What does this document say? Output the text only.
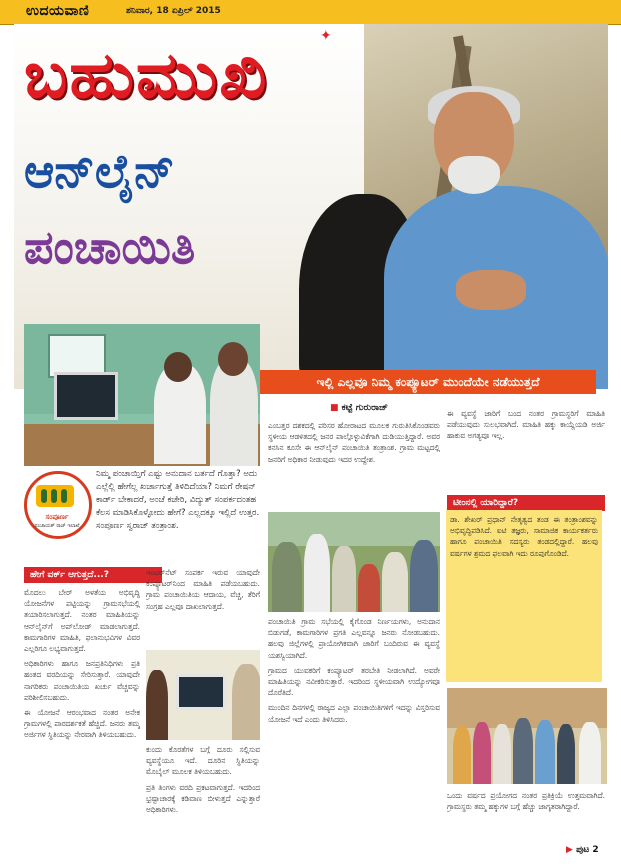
ಉದಯವಾಣಿ	ಶನಿವಾರ, 18 ಏಪ್ರಿಲ್ 2015
✦
ಬಹುಮುಖಿ
ಆನ್‌ಲೈನ್
ಪಂಚಾಯಿತಿ
ಇಲ್ಲಿ ಎಲ್ಲವೂ ನಿಮ್ಮ ಕಂಪ್ಯೂಟರ್ ಮುಂದೆಯೇ ನಡೆಯುತ್ತದೆ
ಸಂಪೂರ್ಣ
ಪಂಚಾಯತ್ ರಾಜ್ ಇಲಾಖೆ
ನಿಮ್ಮ ಪಂಚಾಯ್ತಿಗೆ ಎಷ್ಟು ಅನುದಾನ ಬರ್ತದೆ ಗೊತ್ತಾ? ಅದು ಎಲ್ಲೆಲ್ಲಿ ಹೇಗೆಲ್ಲ ಖರ್ಚಾಗುತ್ತೆ ತಿಳಿದಿದೆಯಾ? ನಿಮಗೆ ರೇಷನ್ ಕಾರ್ಡ್ ಬೇಕಾದರೆ, ಅಂಚೆ ಕಚೇರಿ, ವಿದ್ಯುತ್ ಸಂಪರ್ಕದಂತಹ ಕೆಲಸ ಮಾಡಿಸಿಕೊಳ್ಳೋದು ಹೇಗೆ? ಎಲ್ಲದಕ್ಕೂ ಇಲ್ಲಿದೆ ಉತ್ತರ. ಸಂಪೂರ್ಣ ಸ್ವರಾಜ್ ತಂತ್ರಾಂಶ.
ಹೇಗೆ ವರ್ಕ್ ಆಗುತ್ತದೆ...?

ಮೊದಲು ಬೇರ್‌ ಅಳತೆಯ ಅಭಿವೃದ್ಧಿ ಯೋಜನೆಗಳ ಪಟ್ಟಿಯನ್ನು ಗ್ರಾಮಸಭೆಯಲ್ಲಿ ತಯಾರಿಸಲಾಗುತ್ತದೆ. ನಂತರ ಮಾಹಿತಿಯನ್ನು ಆನ್‌ಲೈನ್‌ಗೆ ಅಪ್‌ಲೋಡ್ ಮಾಡಲಾಗುತ್ತದೆ. ಕಾಮಗಾರಿಗಳ ಮಾಹಿತಿ, ಫಲಾನುಭವಿಗಳ ವಿವರ ಎಲ್ಲರಿಗೂ ಲಭ್ಯವಾಗುತ್ತದೆ.

ಅಧಿಕಾರಿಗಳು ಹಾಗೂ ಜನಪ್ರತಿನಿಧಿಗಳು ಪ್ರತಿ ಹಂತದ ವರದಿಯನ್ನು ಸೇರಿಸುತ್ತಾರೆ. ಯಾವುದೇ ನಾಗರಿಕರು ಪಂಚಾಯಿತಿಯ ಖರ್ಚು ವೆಚ್ಚವನ್ನು ಪರಿಶೀಲಿಸಬಹುದು.

ಈ ಯೋಜನೆ ಆರಂಭವಾದ ನಂತರ ಅನೇಕ ಗ್ರಾಮಗಳಲ್ಲಿ ಪಾರದರ್ಶಕತೆ ಹೆಚ್ಚಿದೆ. ಜನರು ತಮ್ಮ ಅರ್ಜಿಗಳ ಸ್ಥಿತಿಯನ್ನು ನೇರವಾಗಿ ತಿಳಿಯಬಹುದು.

ಇಂಟರ್‌ನೆಟ್ ಸಂಪರ್ಕ ಇರುವ ಯಾವುದೇ ಕಂಪ್ಯೂಟರ್‌ನಿಂದ ಮಾಹಿತಿ ಪಡೆಯಬಹುದು. ಗ್ರಾಮ ಪಂಚಾಯಿತಿಯ ಆದಾಯ, ವೆಚ್ಚ, ತೆರಿಗೆ ಸಂಗ್ರಹ ಎಲ್ಲವೂ ದಾಖಲಾಗುತ್ತದೆ.

ಕುಂದು ಕೊರತೆಗಳ ಬಗ್ಗೆ ದೂರು ಸಲ್ಲಿಸುವ ವ್ಯವಸ್ಥೆಯೂ ಇದೆ. ದೂರಿನ ಸ್ಥಿತಿಯನ್ನು ಮೊಬೈಲ್ ಮೂಲಕ ತಿಳಿಯಬಹುದು.

ಪ್ರತಿ ತಿಂಗಳು ವರದಿ ಪ್ರಕಟವಾಗುತ್ತದೆ. ಇದರಿಂದ ಭ್ರಷ್ಟಾಚಾರಕ್ಕೆ ಕಡಿವಾಣ ಬೀಳುತ್ತದೆ ಎನ್ನುತ್ತಾರೆ ಅಧಿಕಾರಿಗಳು.

■ ಕಟ್ಟೆ ಗುರುರಾಜ್

ಎಂಬತ್ತರ ದಶಕದಲ್ಲಿ ಪರಿಸರ ಹೋರಾಟದ ಮೂಲಕ ಗುರುತಿಸಿಕೊಂಡವರು ಸ್ಥಳೀಯ ಆಡಳಿತದಲ್ಲಿ ಜನರ ಪಾಲ್ಗೊಳ್ಳುವಿಕೆಗಾಗಿ ದುಡಿಯುತ್ತಿದ್ದಾರೆ. ಅವರ ಕನಸಿನ ಕೂಸೇ ಈ ಆನ್‌ಲೈನ್ ಪಂಚಾಯಿತಿ ತಂತ್ರಾಂಶ. ಗ್ರಾಮ ಮಟ್ಟದಲ್ಲಿ ಜನರಿಗೆ ಅಧಿಕಾರ ನೀಡುವುದು ಇದರ ಉದ್ದೇಶ.

ಪಂಚಾಯಿತಿ ಗ್ರಾಮ ಸಭೆಯಲ್ಲಿ ಕೈಗೊಂಡ ನಿರ್ಣಯಗಳು, ಅನುದಾನ ಬಿಡುಗಡೆ, ಕಾಮಗಾರಿಗಳ ಪ್ರಗತಿ ಎಲ್ಲವನ್ನೂ ಜನರು ನೋಡಬಹುದು. ಹಲವು ಜಿಲ್ಲೆಗಳಲ್ಲಿ ಪ್ರಾಯೋಗಿಕವಾಗಿ ಜಾರಿಗೆ ಬಂದಿರುವ ಈ ವ್ಯವಸ್ಥೆ ಯಶಸ್ವಿಯಾಗಿದೆ.

ಗ್ರಾಮದ ಯುವಕರಿಗೆ ಕಂಪ್ಯೂಟರ್ ತರಬೇತಿ ನೀಡಲಾಗಿದೆ. ಅವರೇ ಮಾಹಿತಿಯನ್ನು ನವೀಕರಿಸುತ್ತಾರೆ. ಇದರಿಂದ ಸ್ಥಳೀಯವಾಗಿ ಉದ್ಯೋಗವೂ ದೊರೆತಿದೆ.

ಮುಂದಿನ ದಿನಗಳಲ್ಲಿ ರಾಜ್ಯದ ಎಲ್ಲಾ ಪಂಚಾಯಿತಿಗಳಿಗೆ ಇದನ್ನು ವಿಸ್ತರಿಸುವ ಯೋಜನೆ ಇದೆ ಎಂದು ತಿಳಿಸಿದರು.

ಈ ವ್ಯವಸ್ಥೆ ಜಾರಿಗೆ ಬಂದ ನಂತರ ಗ್ರಾಮಸ್ಥರಿಗೆ ಮಾಹಿತಿ ಪಡೆಯುವುದು ಸುಲಭವಾಗಿದೆ. ಮಾಹಿತಿ ಹಕ್ಕು ಕಾಯ್ದೆಯಡಿ ಅರ್ಜಿ ಹಾಕುವ ಅಗತ್ಯವೂ ಇಲ್ಲ.

ಟೀಂನಲ್ಲಿ ಯಾರಿದ್ದಾರೆ?

ಡಾ. ಶೇಖರ್ ಪ್ರಧಾನ್ ನೇತೃತ್ವದ ತಂಡ ಈ ತಂತ್ರಾಂಶವನ್ನು ಅಭಿವೃದ್ಧಿಪಡಿಸಿದೆ. ಐಟಿ ತಜ್ಞರು, ಸಾಮಾಜಿಕ ಕಾರ್ಯಕರ್ತರು ಹಾಗೂ ಪಂಚಾಯಿತಿ ಸದಸ್ಯರು ತಂಡದಲ್ಲಿದ್ದಾರೆ. ಹಲವು ವರ್ಷಗಳ ಶ್ರಮದ ಫಲವಾಗಿ ಇದು ರೂಪುಗೊಂಡಿದೆ.

ಒಂದು ವರ್ಷದ ಪ್ರಯೋಗದ ನಂತರ ಪ್ರತಿಕ್ರಿಯೆ ಉತ್ತಮವಾಗಿದೆ. ಗ್ರಾಮಸ್ಥರು ತಮ್ಮ ಹಕ್ಕುಗಳ ಬಗ್ಗೆ ಹೆಚ್ಚು ಜಾಗೃತರಾಗಿದ್ದಾರೆ.

▶ ಪುಟ 2
